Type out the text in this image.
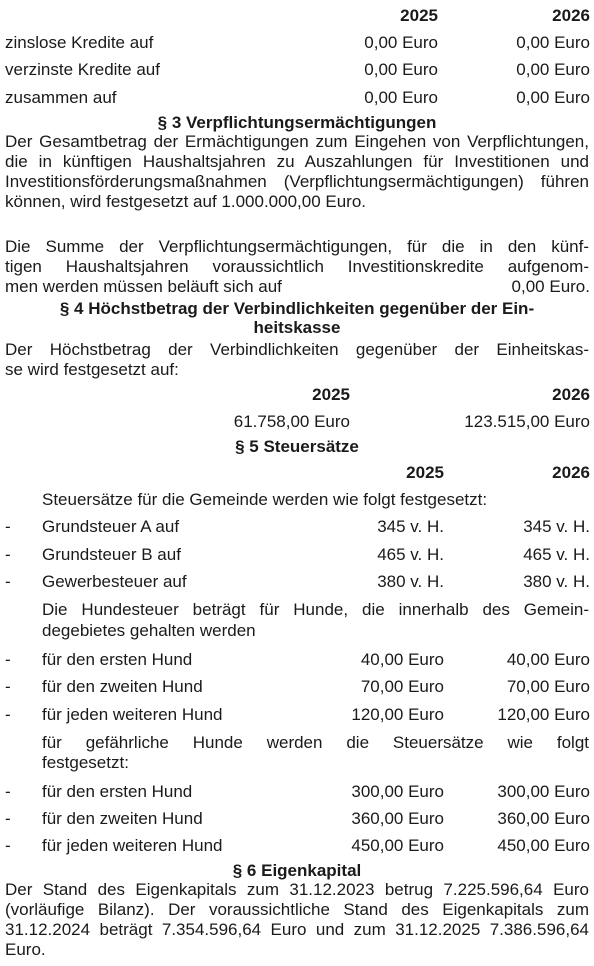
2025	2026
zinslose Kredite auf	0,00 Euro	0,00 Euro
verzinste Kredite auf	0,00 Euro	0,00 Euro
zusammen auf	0,00 Euro	0,00 Euro
§ 3 Verpflichtungsermächtigungen
Der Gesamtbetrag der Ermächtigungen zum Eingehen von Verpflichtungen, die in künftigen Haushaltsjahren zu Auszahlungen für Investitionen und Investitionsförderungsmaßnahmen (Verpflichtungsermächtigungen) führen können, wird festgesetzt auf 1.000.000,00 Euro.
Die Summe der Verpflichtungsermächtigungen, für die in den künf-
tigen Haushaltsjahren voraussichtlich Investitionskredite aufgenom-
men werden müssen beläuft sich auf	0,00 Euro.
§ 4 Höchstbetrag der Verbindlichkeiten gegenüber der Ein-
heitskasse
Der Höchstbetrag der Verbindlichkeiten gegenüber der Einheitskas-
se wird festgesetzt auf:
2025	2026
61.758,00 Euro	123.515,00 Euro
§ 5 Steuersätze
2025	2026
Steuersätze für die Gemeinde werden wie folgt festgesetzt:
- Grundsteuer A auf	345 v. H.	345 v. H.
- Grundsteuer B auf	465 v. H.	465 v. H.
- Gewerbesteuer auf	380 v. H.	380 v. H.
Die Hundesteuer beträgt für Hunde, die innerhalb des Gemein-
degebietes gehalten werden
- für den ersten Hund	40,00 Euro	40,00 Euro
- für den zweiten Hund	70,00 Euro	70,00 Euro
- für jeden weiteren Hund	120,00 Euro	120,00 Euro
für gefährliche Hunde werden die Steuersätze wie folgt
festgesetzt:
- für den ersten Hund	300,00 Euro	300,00 Euro
- für den zweiten Hund	360,00 Euro	360,00 Euro
- für jeden weiteren Hund	450,00 Euro	450,00 Euro
§ 6 Eigenkapital
Der Stand des Eigenkapitals zum 31.12.2023 betrug 7.225.596,64 Euro (vorläufige Bilanz). Der voraussichtliche Stand des Eigenkapitals zum 31.12.2024 beträgt 7.354.596,64 Euro und zum 31.12.2025 7.386.596,64 Euro.
